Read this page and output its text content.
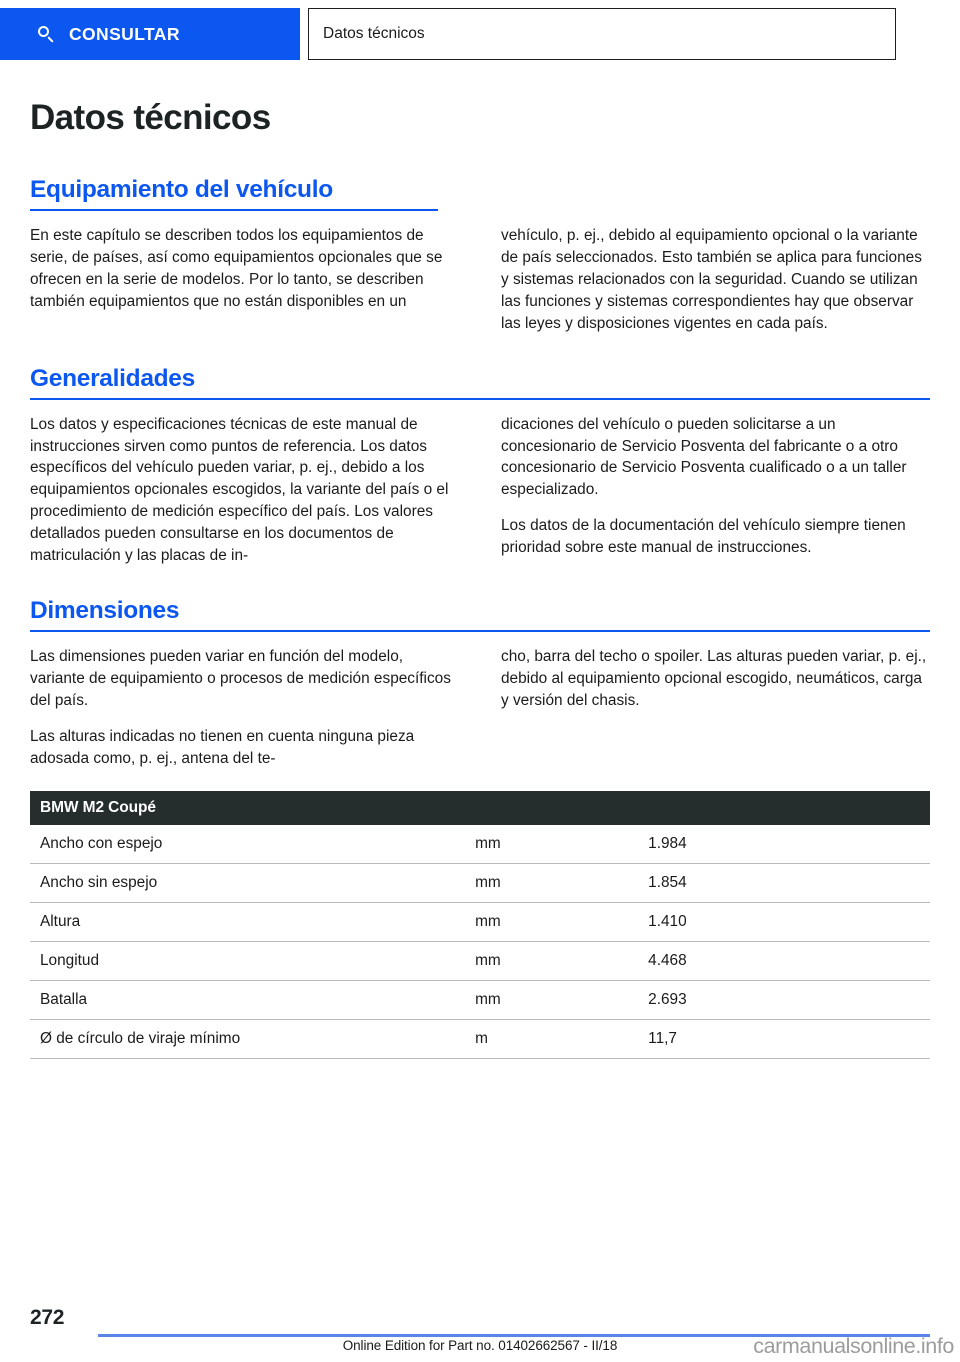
CONSULTAR	Datos técnicos
Datos técnicos
Equipamiento del vehículo

En este capítulo se describen todos los equipamientos de serie, de países, así como equipamientos opcionales que se ofrecen en la serie de modelos. Por lo tanto, se describen también equipamientos que no están disponibles en un

vehículo, p. ej., debido al equipamiento opcional o la variante de país seleccionados. Esto también se aplica para funciones y sistemas relacionados con la seguridad. Cuando se utilizan las funciones y sistemas correspondientes hay que observar las leyes y disposiciones vigentes en cada país.

Generalidades

Los datos y especificaciones técnicas de este manual de instrucciones sirven como puntos de referencia. Los datos específicos del vehículo pueden variar, p. ej., debido a los equipamientos opcionales escogidos, la variante del país o el procedimiento de medición específico del país. Los valores detallados pueden consultarse en los documentos de matriculación y las placas de in-

dicaciones del vehículo o pueden solicitarse a un concesionario de Servicio Posventa del fabricante o a otro concesionario de Servicio Posventa cualificado o a un taller especializado.

Los datos de la documentación del vehículo siempre tienen prioridad sobre este manual de instrucciones.

Dimensiones

Las dimensiones pueden variar en función del modelo, variante de equipamiento o procesos de medición específicos del país.

Las alturas indicadas no tienen en cuenta ninguna pieza adosada como, p. ej., antena del te-

cho, barra del techo o spoiler. Las alturas pueden variar, p. ej., debido al equipamiento opcional escogido, neumáticos, carga y versión del chasis.

BMW M2 Coupé		
Ancho con espejo	mm	1.984
Ancho sin espejo	mm	1.854
Altura	mm	1.410
Longitud	mm	4.468
Batalla	mm	2.693
Ø de círculo de viraje mínimo	m	11,7
272
Online Edition for Part no. 01402662567 - II/18	carmanualsonline.info
